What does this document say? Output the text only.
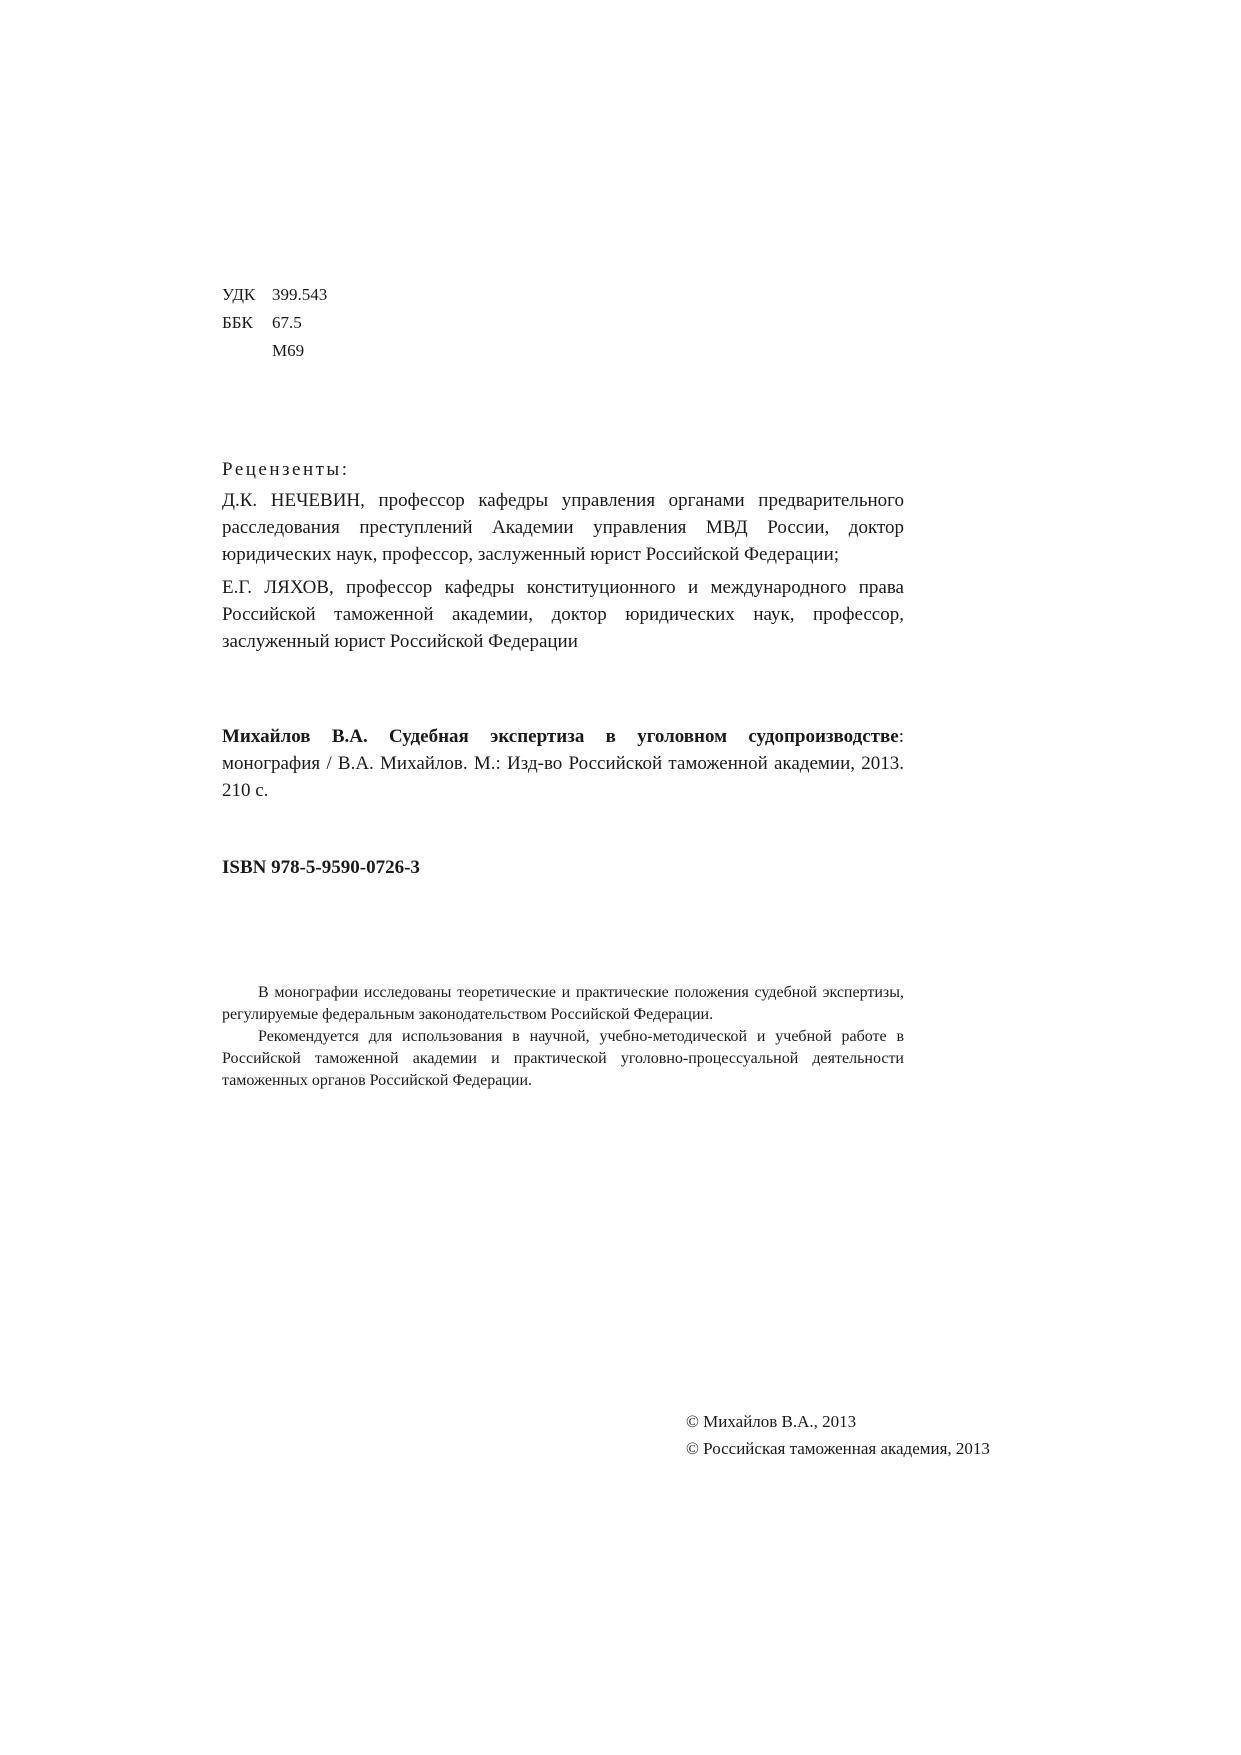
УДК 399.543
ББК	67.5
М69
Рецензенты:
Д.К. НЕЧЕВИН, профессор кафедры управления органами предварительного расследования преступлений Академии управления МВД России, доктор юридических наук, профессор, заслуженный юрист Российской Федерации;
Е.Г. ЛЯХОВ, профессор кафедры конституционного и международного права Российской таможенной академии, доктор юридических наук, профессор, заслуженный юрист Российской Федерации
Михайлов В.А. Судебная экспертиза в уголовном судопроизводстве: монография / В.А. Михайлов. М.: Изд-во Российской таможенной академии, 2013. 210 с.
ISBN 978-5-9590-0726-3

В монографии исследованы теоретические и практические положения судебной экспертизы, регулируемые федеральным законодательством Российской Федерации.

Рекомендуется для использования в научной, учебно-методической и учебной работе в Российской таможенной академии и практической уголовно-процессуальной деятельности таможенных органов Российской Федерации.

© Михайлов В.А., 2013
© Российская таможенная академия, 2013
